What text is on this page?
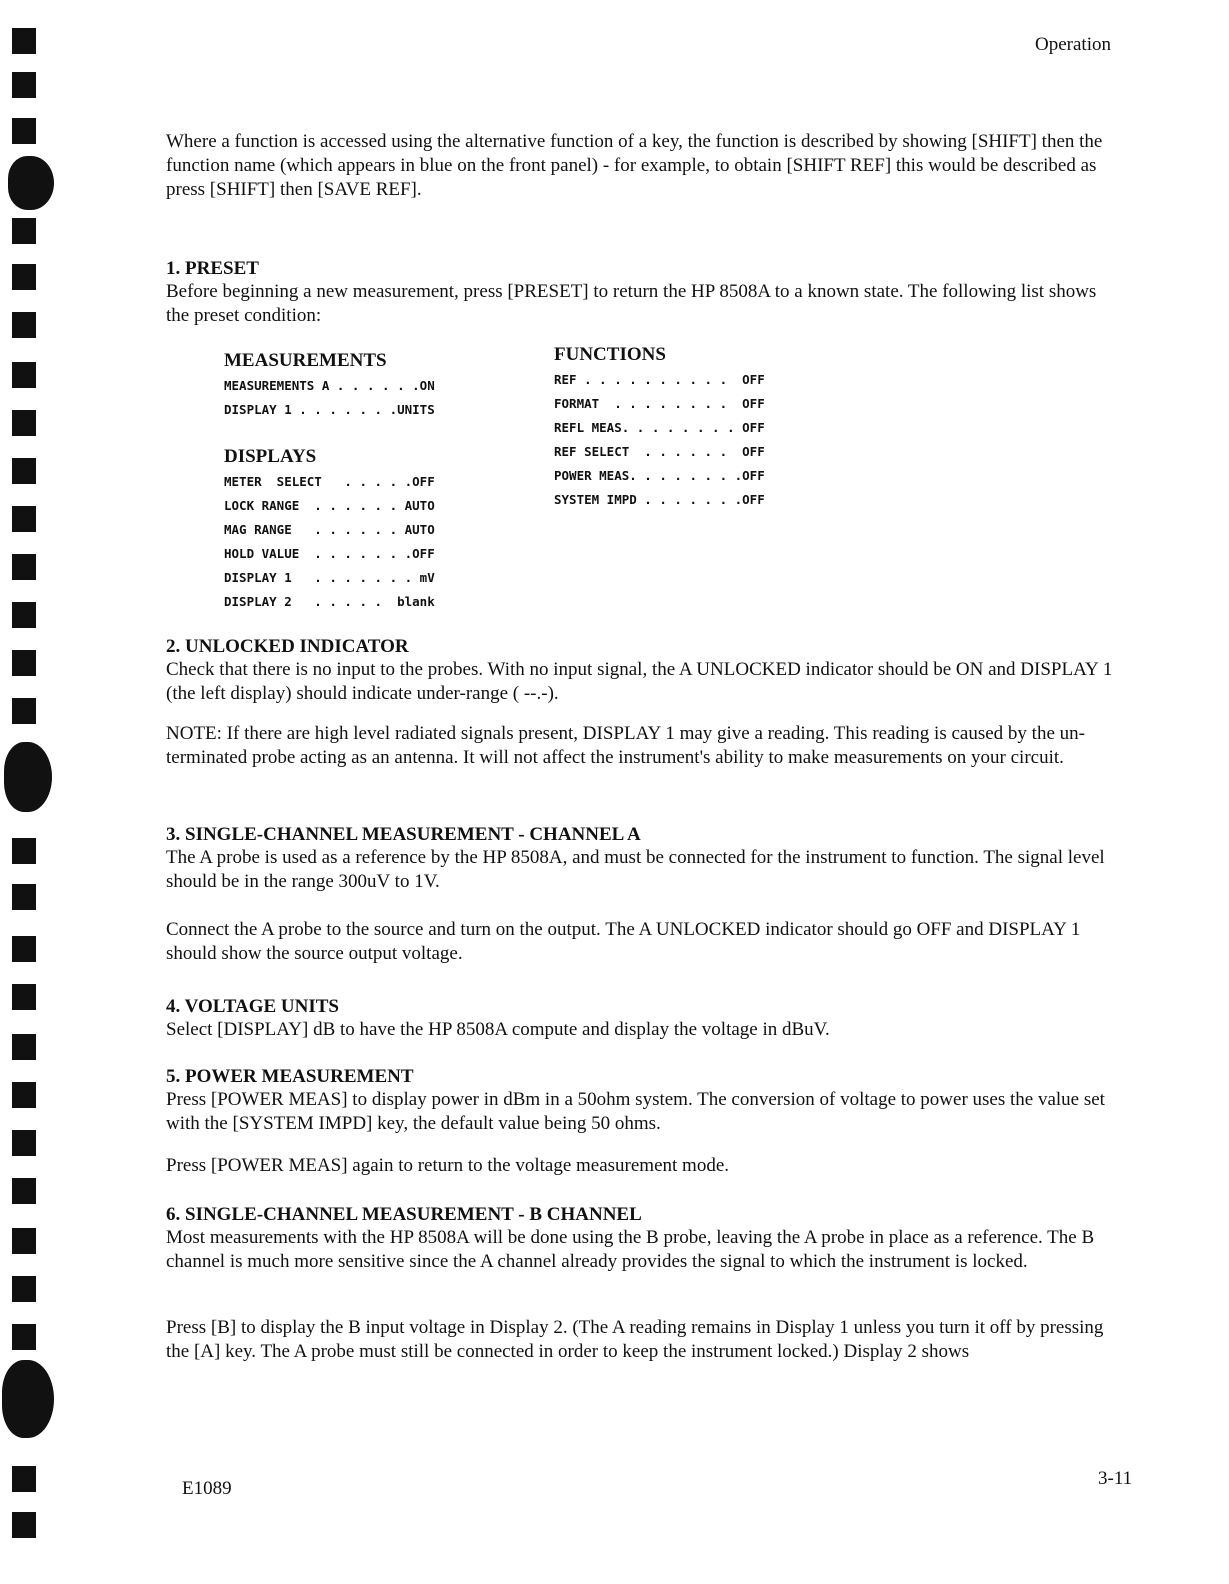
Operation

Where a function is accessed using the alternative function of a key, the function is described by showing [SHIFT] then the function name (which appears in blue on the front panel) - for example, to obtain [SHIFT REF] this would be described as press [SHIFT] then [SAVE REF].

1. PRESET
Before beginning a new measurement, press [PRESET] to return the HP 8508A to a known state. The following list shows the preset condition:
MEASUREMENTS
MEASUREMENTS A . . . . . .ON
DISPLAY 1 . . . . . . .UNITS
DISPLAYS
METER  SELECT   . . . . .OFF
LOCK RANGE  . . . . . . AUTO
MAG RANGE   . . . . . . AUTO
HOLD VALUE  . . . . . . .OFF
DISPLAY 1   . . . . . . . mV
DISPLAY 2   . . . . .  blank
FUNCTIONS
REF . . . . . . . . . .  OFF
FORMAT  . . . . . . . .  OFF
REFL MEAS. . . . . . . . OFF
REF SELECT  . . . . . .  OFF
POWER MEAS. . . . . . . .OFF
SYSTEM IMPD . . . . . . .OFF
2. UNLOCKED INDICATOR
Check that there is no input to the probes. With no input signal, the A UNLOCKED indicator should be ON and DISPLAY 1 (the left display) should indicate under-range ( --.-).

NOTE: If there are high level radiated signals present, DISPLAY 1 may give a reading. This reading is caused by the un-terminated probe acting as an antenna. It will not affect the instrument's ability to make measurements on your circuit.

3. SINGLE-CHANNEL MEASUREMENT - CHANNEL A
The A probe is used as a reference by the HP 8508A, and must be connected for the instrument to function. The signal level should be in the range 300uV to 1V.

Connect the A probe to the source and turn on the output. The A UNLOCKED indicator should go OFF and DISPLAY 1 should show the source output voltage.

4. VOLTAGE UNITS
Select [DISPLAY] dB to have the HP 8508A compute and display the voltage in dBuV.
5. POWER MEASUREMENT
Press [POWER MEAS] to display power in dBm in a 50ohm system. The conversion of voltage to power uses the value set with the [SYSTEM IMPD] key, the default value being 50 ohms.

Press [POWER MEAS] again to return to the voltage measurement mode.

6. SINGLE-CHANNEL MEASUREMENT - B CHANNEL
Most measurements with the HP 8508A will be done using the B probe, leaving the A probe in place as a reference. The B channel is much more sensitive since the A channel already provides the signal to which the instrument is locked.

Press [B] to display the B input voltage in Display 2. (The A reading remains in Display 1 unless you turn it off by pressing the [A] key. The A probe must still be connected in order to keep the instrument locked.) Display 2 shows

E1089	3-11
